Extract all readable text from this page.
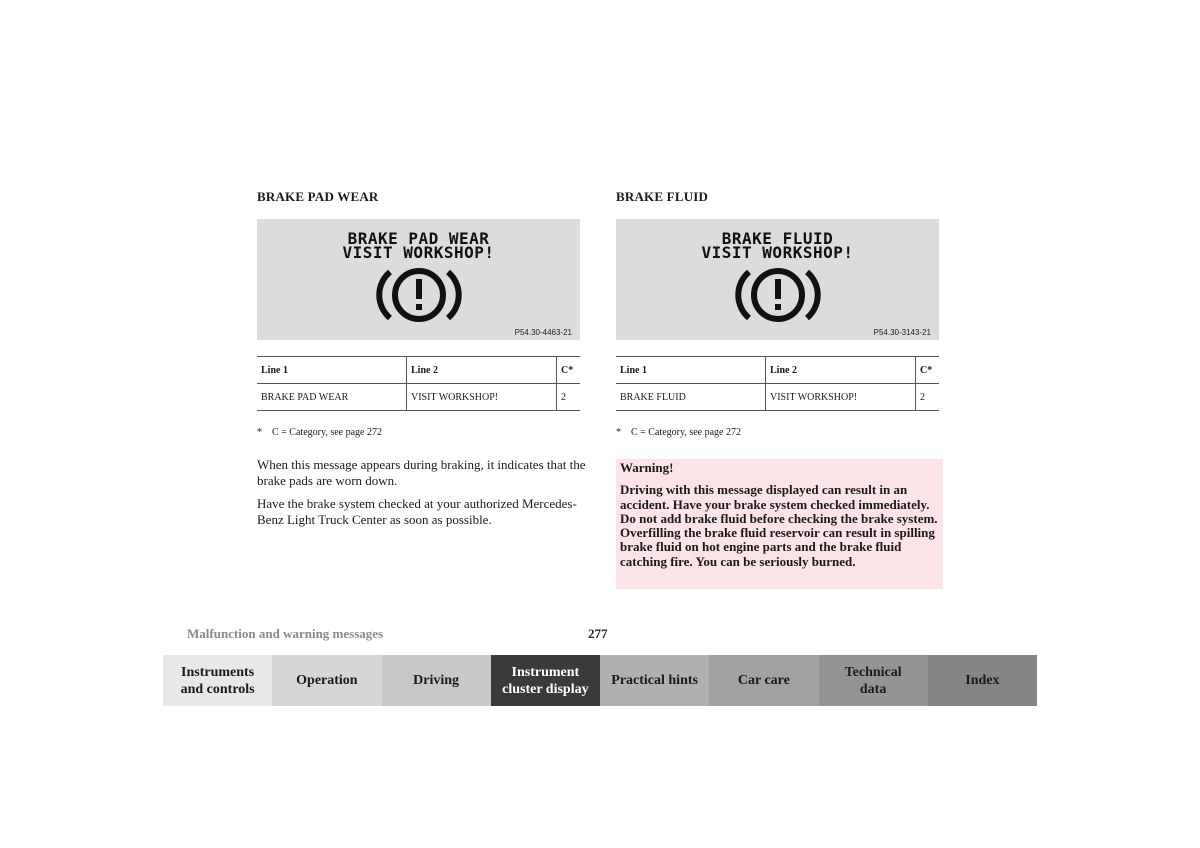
BRAKE PAD WEAR
BRAKE PAD WEAR
VISIT WORKSHOP!
P54.30-4463-21
Line 1	Line 2	C*
BRAKE PAD WEAR	VISIT WORKSHOP!	2
* C = Category, see page 272

When this message appears during braking, it indicates that the brake pads are worn down.

Have the brake system checked at your authorized Mercedes-Benz Light Truck Center as soon as possible.

BRAKE FLUID
BRAKE FLUID
VISIT WORKSHOP!
P54.30-3143-21
Line 1	Line 2	C*
BRAKE FLUID	VISIT WORKSHOP!	2
* C = Category, see page 272
Warning!
Driving with this message displayed can result in an accident. Have your brake system checked immediately. Do not add brake fluid before checking the brake system. Overfilling the brake fluid reservoir can result in spilling brake fluid on hot engine parts and the brake fluid catching fire. You can be seriously burned.
Malfunction and warning messages	277
Instruments
and controls
Operation	Driving
Instrument
cluster display
Practical hints	Car care
Technical
data
Index
